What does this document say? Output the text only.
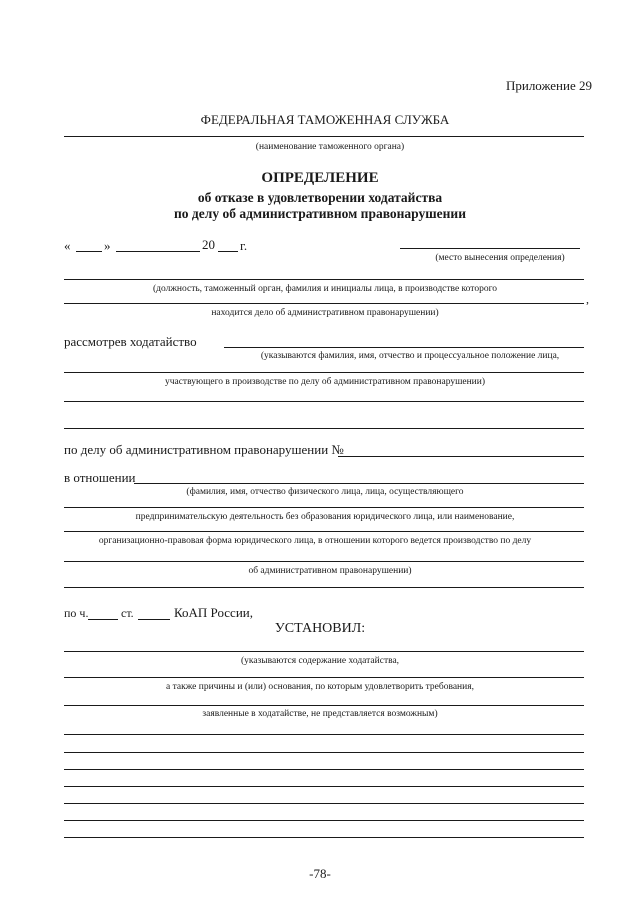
Приложение 29
ФЕДЕРАЛЬНАЯ ТАМОЖЕННАЯ СЛУЖБА
(наименование таможенного органа)
ОПРЕДЕЛЕНИЕ
об отказе в удовлетворении ходатайства
по делу об административном правонарушении
«	»	20 г.
(место вынесения определения)
(должность, таможенный орган, фамилия и инициалы лица, в производстве которого
,
находится дело об административном правонарушении)
рассмотрев ходатайство
(указываются фамилия, имя, отчество и процессуальное положение лица,
участвующего в производстве по делу об административном правонарушении)
по делу об административном правонарушении №
в отношении
(фамилия, имя, отчество физического лица, лица, осуществляющего
предпринимательскую деятельность без образования юридического лица, или наименование,
организационно-правовая форма юридического лица, в отношении которого ведется производство по делу
об административном правонарушении)
по ч.	ст.	КоАП России,
УСТАНОВИЛ:
(указываются содержание ходатайства,
а также причины и (или) основания, по которым удовлетворить требования,
заявленные в ходатайстве, не представляется возможным)
-78-
